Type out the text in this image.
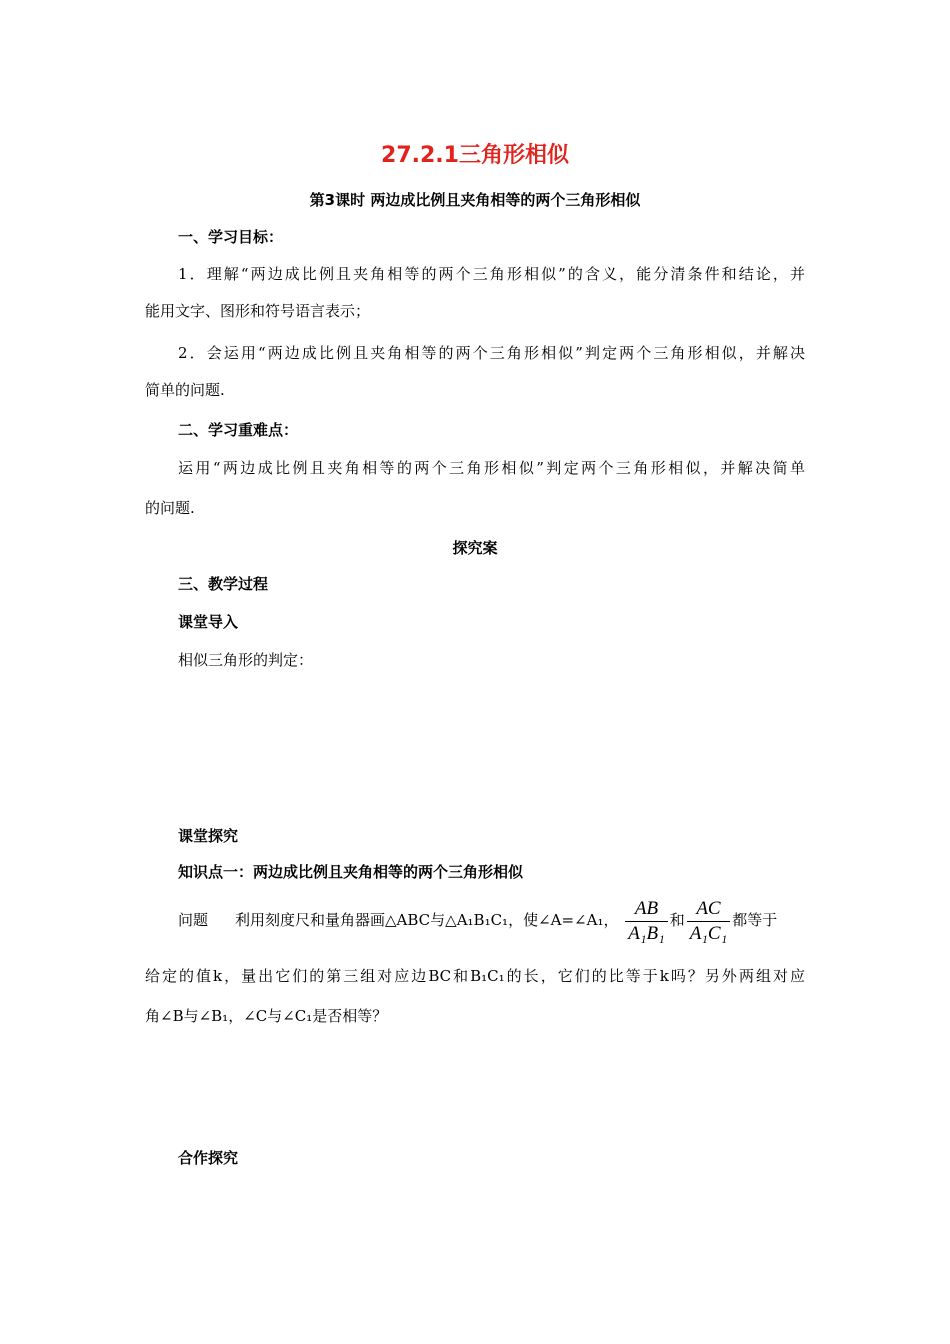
27.2.1三角形相似
第3课时 两边成比例且夹角相等的两个三角形相似
一、学习目标：
1．理解“两边成比例且夹角相等的两个三角形相似”的含义，能分清条件和结论，并
能用文字、图形和符号语言表示；
2．会运用“两边成比例且夹角相等的两个三角形相似”判定两个三角形相似，并解决
简单的问题.
二、学习重难点：
运用“两边成比例且夹角相等的两个三角形相似”判定两个三角形相似，并解决简单
的问题.
探究案
三、教学过程
课堂导入
相似三角形的判定：
课堂探究
知识点一：两边成比例且夹角相等的两个三角形相似
问题 利用刻度尺和量角器画△ABC与△A₁B₁C₁，使∠A=∠A₁， $\frac{AB}{\text{A₁B₁}}$ 和 $\frac{AC}{\text{A₁C₁}}$ 都等于
给定的值k，量出它们的第三组对应边BC和B₁C₁的长，它们的比等于k吗？另外两组对应
角∠B与∠B₁，∠C与∠C₁是否相等？
合作探究
